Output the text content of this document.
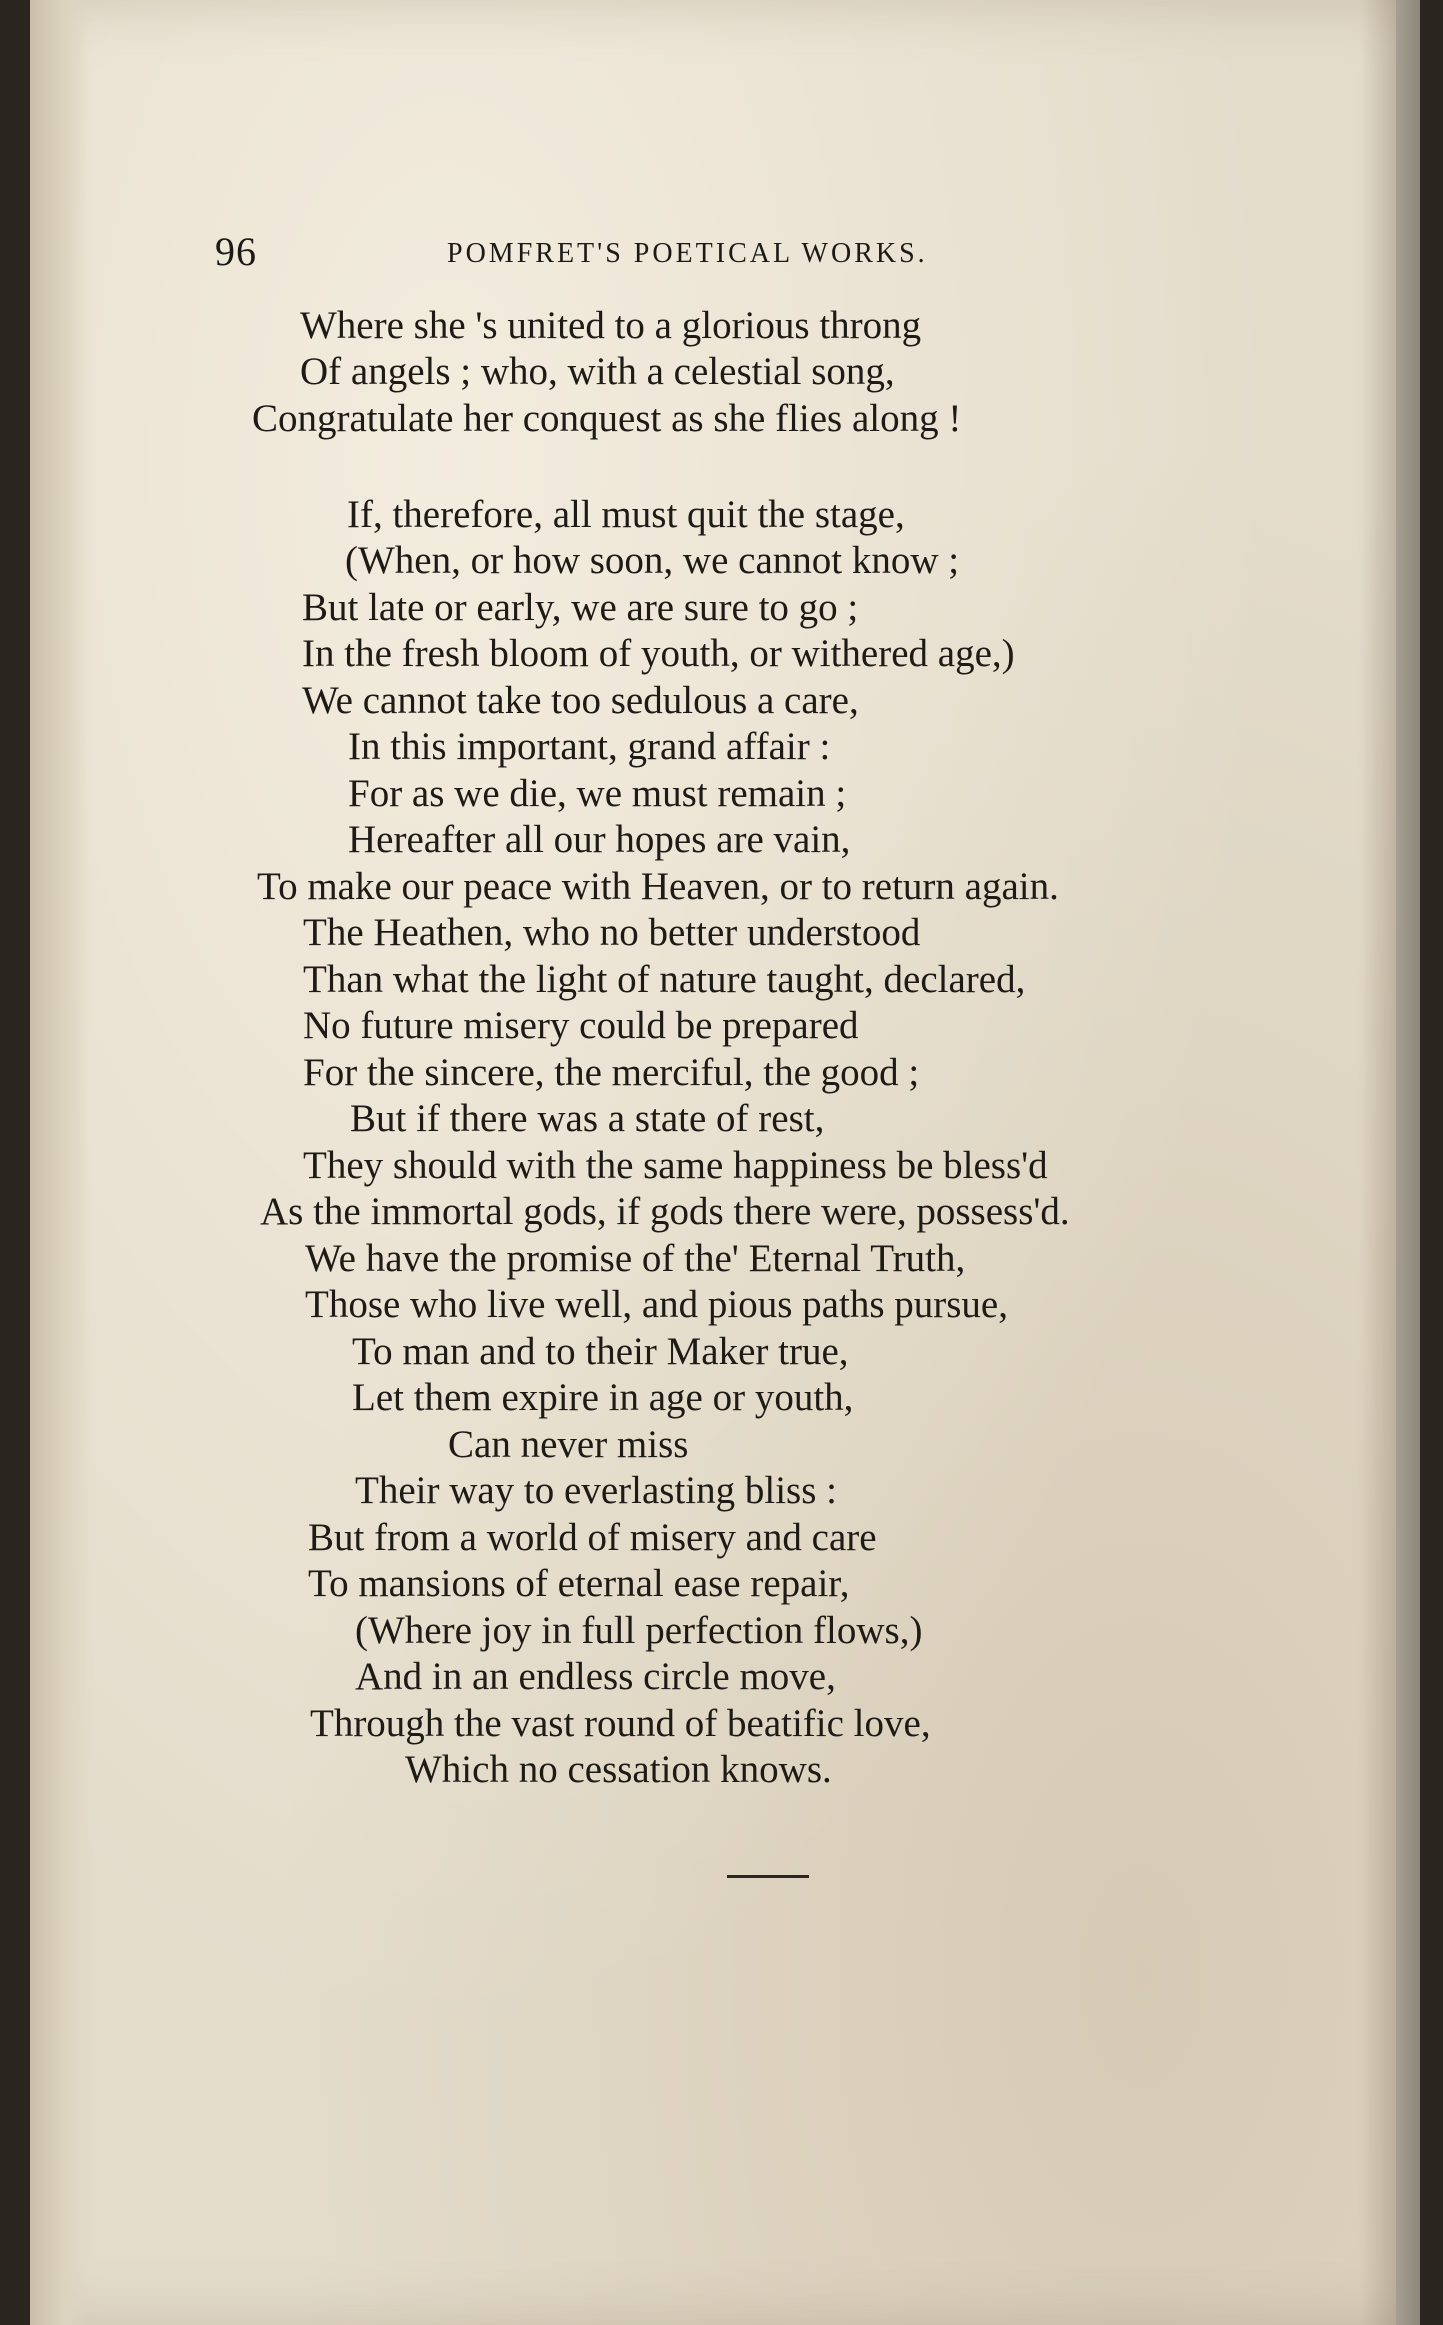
96	POMFRET'S POETICAL WORKS.
Where she 's united to a glorious throng
Of angels ; who, with a celestial song,
Congratulate her conquest as she flies along !
If, therefore, all must quit the stage,
(When, or how soon, we cannot know ;
But late or early, we are sure to go ;
In the fresh bloom of youth, or withered age,)
We cannot take too sedulous a care,
In this important, grand affair :
For as we die, we must remain ;
Hereafter all our hopes are vain,
To make our peace with Heaven, or to return again.
The Heathen, who no better understood
Than what the light of nature taught, declared,
No future misery could be prepared
For the sincere, the merciful, the good ;
But if there was a state of rest,
They should with the same happiness be bless'd
As the immortal gods, if gods there were, possess'd.
We have the promise of the' Eternal Truth,
Those who live well, and pious paths pursue,
To man and to their Maker true,
Let them expire in age or youth,
Can never miss
Their way to everlasting bliss :
But from a world of misery and care
To mansions of eternal ease repair,
(Where joy in full perfection flows,)
And in an endless circle move,
Through the vast round of beatific love,
Which no cessation knows.
